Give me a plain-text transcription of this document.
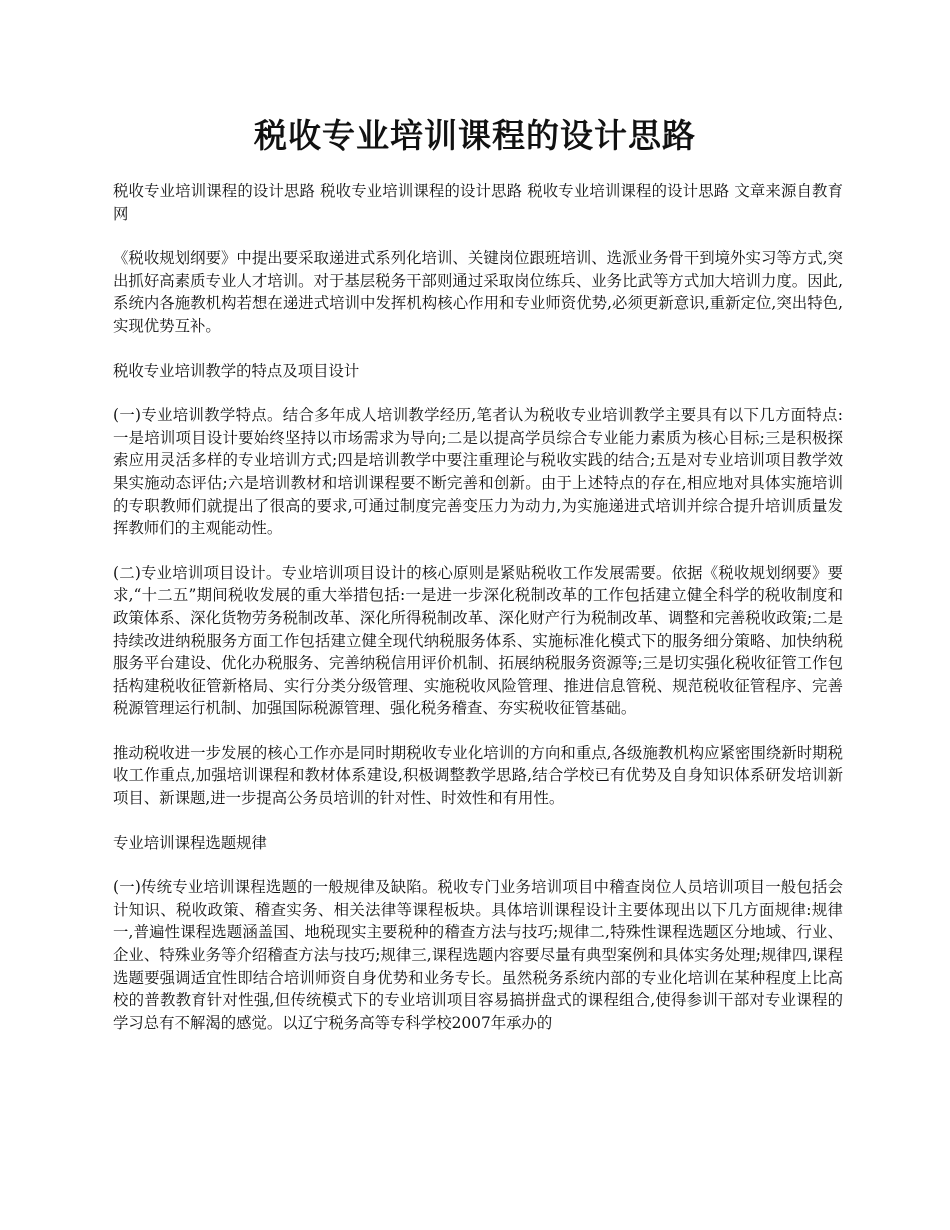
税收专业培训课程的设计思路

税收专业培训课程的设计思路 税收专业培训课程的设计思路 税收专业培训课程的设计思路 文章来源自教育网

《税收规划纲要》中提出要采取递进式系列化培训、关键岗位跟班培训、选派业务骨干到境外实习等方式,突出抓好高素质专业人才培训。对于基层税务干部则通过采取岗位练兵、业务比武等方式加大培训力度。因此,系统内各施教机构若想在递进式培训中发挥机构核心作用和专业师资优势,必须更新意识,重新定位,突出特色,实现优势互补。

税收专业培训教学的特点及项目设计

(一)专业培训教学特点。结合多年成人培训教学经历,笔者认为税收专业培训教学主要具有以下几方面特点:一是培训项目设计要始终坚持以市场需求为导向;二是以提高学员综合专业能力素质为核心目标;三是积极探索应用灵活多样的专业培训方式;四是培训教学中要注重理论与税收实践的结合;五是对专业培训项目教学效果实施动态评估;六是培训教材和培训课程要不断完善和创新。由于上述特点的存在,相应地对具体实施培训的专职教师们就提出了很高的要求,可通过制度完善变压力为动力,为实施递进式培训并综合提升培训质量发挥教师们的主观能动性。

(二)专业培训项目设计。专业培训项目设计的核心原则是紧贴税收工作发展需要。依据《税收规划纲要》要求,“十二五”期间税收发展的重大举措包括:一是进一步深化税制改革的工作包括建立健全科学的税收制度和政策体系、深化货物劳务税制改革、深化所得税制改革、深化财产行为税制改革、调整和完善税收政策;二是持续改进纳税服务方面工作包括建立健全现代纳税服务体系、实施标准化模式下的服务细分策略、加快纳税服务平台建设、优化办税服务、完善纳税信用评价机制、拓展纳税服务资源等;三是切实强化税收征管工作包括构建税收征管新格局、实行分类分级管理、实施税收风险管理、推进信息管税、规范税收征管程序、完善税源管理运行机制、加强国际税源管理、强化税务稽查、夯实税收征管基础。

推动税收进一步发展的核心工作亦是同时期税收专业化培训的方向和重点,各级施教机构应紧密围绕新时期税收工作重点,加强培训课程和教材体系建设,积极调整教学思路,结合学校已有优势及自身知识体系研发培训新项目、新课题,进一步提高公务员培训的针对性、时效性和有用性。

专业培训课程选题规律

(一)传统专业培训课程选题的一般规律及缺陷。税收专门业务培训项目中稽查岗位人员培训项目一般包括会计知识、税收政策、稽查实务、相关法律等课程板块。具体培训课程设计主要体现出以下几方面规律:规律一,普遍性课程选题涵盖国、地税现实主要税种的稽查方法与技巧;规律二,特殊性课程选题区分地域、行业、企业、特殊业务等介绍稽查方法与技巧;规律三,课程选题内容要尽量有典型案例和具体实务处理;规律四,课程选题要强调适宜性即结合培训师资自身优势和业务专长。虽然税务系统内部的专业化培训在某种程度上比高校的普教教育针对性强,但传统模式下的专业培训项目容易搞拼盘式的课程组合,使得参训干部对专业课程的学习总有不解渴的感觉。以辽宁税务高等专科学校2007年承办的
